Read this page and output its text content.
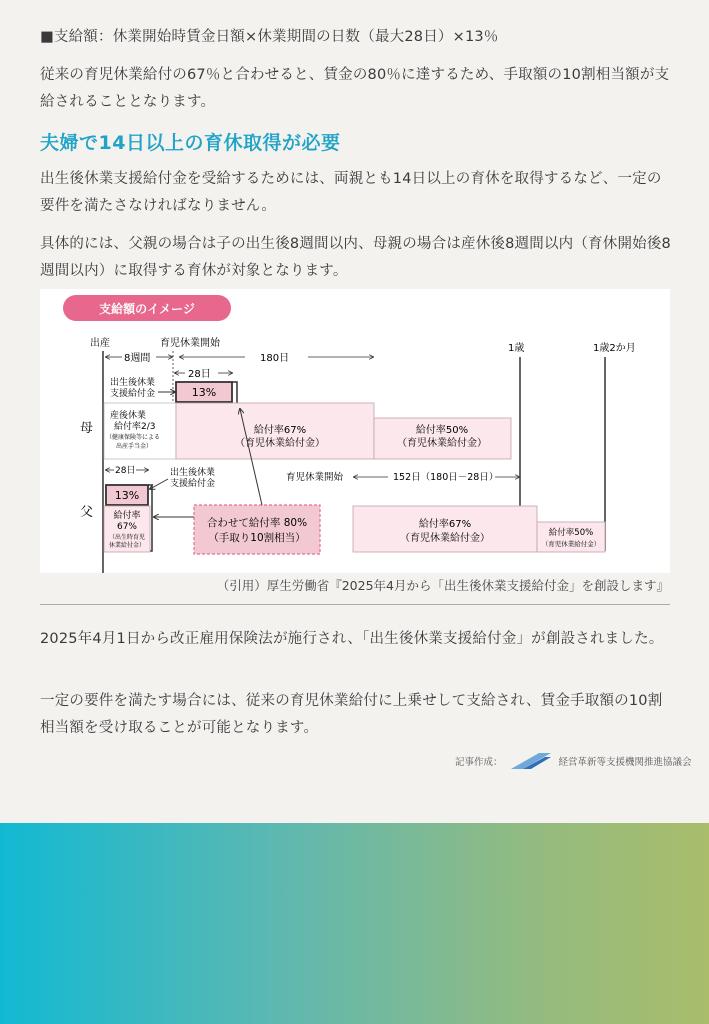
■支給額：休業開始時賃金日額×休業期間の日数（最大28日）×13％

従来の育児休業給付の67％と合わせると、賃金の80％に達するため、手取額の10割相当額が支給されることとなります。

夫婦で14日以上の育休取得が必要

出生後休業支援給付金を受給するためには、両親とも14日以上の育休を取得するなど、一定の要件を満たさなければなりません。

具体的には、父親の場合は子の出生後8週間以内、母親の場合は産休後8週間以内（育休開始後8週間以内）に取得する育休が対象となります。

支給額のイメージ
出産	育児休業開始	1歳	1歳2か月
8週間	180日
28日
出生後休業
支援給付金	13%
産後休業
給付率2/3
（健康保険等による
出産手当金）
給付率67%
（育児休業給付金）
給付率50%
（育児休業給付金）
母
28日	出生後休業
支援給付金
13%
給付率
67%
（出生時育児
休業給付金）
父
合わせて給付率 80%
（手取り10割相当）
育児休業開始	152日（180日－28日）
給付率67%
（育児休業給付金）	給付率50%
（育児休業給付金）
（引用）厚生労働省『2025年4月から「出生後休業支援給付金」を創設します』

2025年4月1日から改正雇用保険法が施行され、「出生後休業支援給付金」が創設されました。

一定の要件を満たす場合には、従来の育児休業給付に上乗せして支給され、賃金手取額の10割相当額を受け取ることが可能となります。

記事作成：	経営革新等支援機関推進協議会
